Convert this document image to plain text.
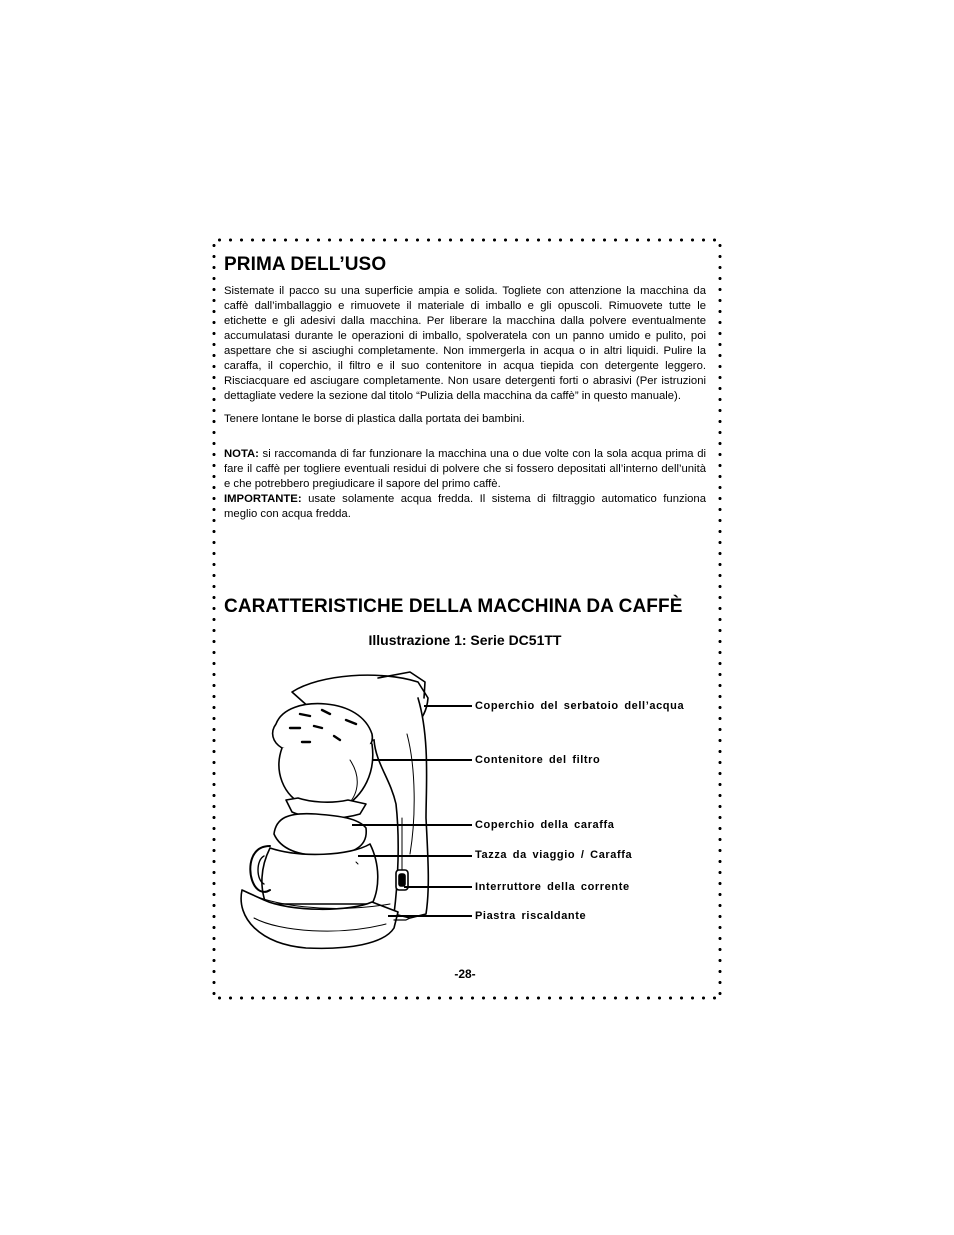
PRIMA DELL’USO

Sistemate il pacco su una superficie ampia e solida. Togliete con attenzione la macchina da caffè dall’imballaggio e rimuovete il materiale di imballo e gli opuscoli. Rimuovete tutte le etichette e gli adesivi dalla macchina. Per liberare la macchina dalla polvere eventualmente accumulatasi durante le operazioni di imballo, spolveratela con un panno umido e pulito, poi aspettare che si asciughi completamente. Non immergerla in acqua o in altri liquidi. Pulire la caraffa, il coperchio, il filtro e il suo contenitore in acqua tiepida con detergente leggero. Risciacquare ed asciugare completamente. Non usare detergenti forti o abrasivi (Per istruzioni dettagliate vedere la sezione dal titolo “Pulizia della macchina da caffè” in questo manuale).

Tenere lontane le borse di plastica dalla portata dei bambini.

NOTA: si raccomanda di far funzionare la macchina una o due volte con la sola acqua prima di fare il caffè per togliere eventuali residui di polvere che si fossero depositati all’interno dell’unità e che potrebbero pregiudicare il sapore del primo caffè.

IMPORTANTE: usate solamente acqua fredda. Il sistema di filtraggio automatico funziona meglio con acqua fredda.

CARATTERISTICHE DELLA MACCHINA DA CAFFÈ
Illustrazione 1: Serie DC51TT
Coperchio del serbatoio dell’acqua
Contenitore del filtro
Coperchio della caraffa
Tazza da viaggio / Caraffa
Interruttore della corrente
Piastra riscaldante
-28-
